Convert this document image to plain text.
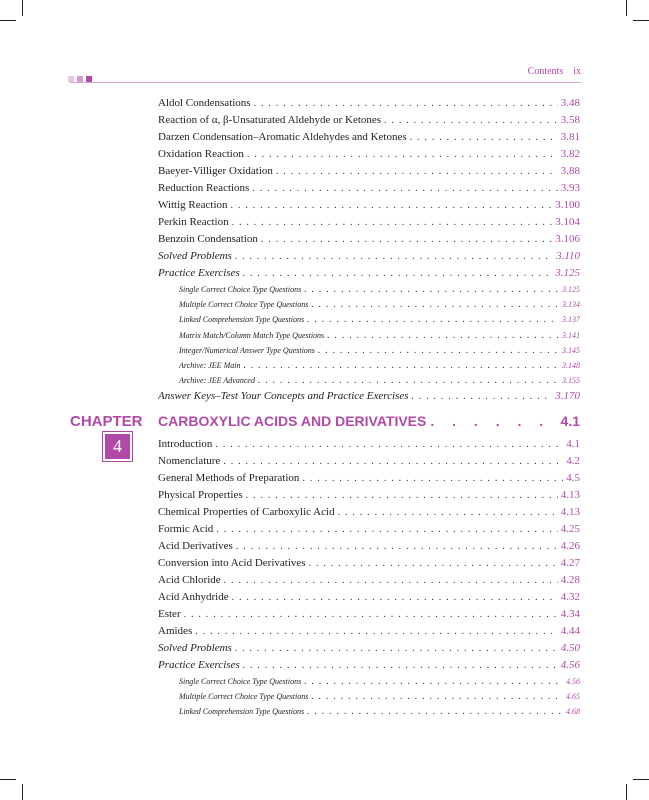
Contents ix
Aldol Condensations . . .	3.48
Reaction of α, β-Unsaturated Aldehyde or Ketones . . .	3.58
Darzen Condensation–Aromatic Aldehydes and Ketones . . .	3.81
Oxidation Reaction . . .	3.82
Baeyer-Villiger Oxidation . . .	3.88
Reduction Reactions . . .	3.93
Wittig Reaction . . .	3.100
Perkin Reaction . . .	3.104
Benzoin Condensation . . .	3.106
Solved Problems . . .	3.110
Practice Exercises . . .	3.125
Single Correct Choice Type Questions . . .	3.125
Multiple Correct Choice Type Questions . . .	3.134
Linked Comprehension Type Questions . . .	3.137
Matrix Match/Column Match Type Questions . . .	3.141
Integer/Numerical Answer Type Questions . . .	3.145
Archive: JEE Main . . .	3.148
Archive: JEE Advanced . . .	3.155
Answer Keys–Test Your Concepts and Practice Exercises . . .	3.170
CHAPTER
4
CARBOXYLIC ACIDS AND DERIVATIVES . . .	4.1
Introduction . . .	4.1
Nomenclature . . .	4.2
General Methods of Preparation . . .	4.5
Physical Properties . . .	4.13
Chemical Properties of Carboxylic Acid . . .	4.13
Formic Acid . . .	4.25
Acid Derivatives . . .	4.26
Conversion into Acid Derivatives . . .	4.27
Acid Chloride . . .	4.28
Acid Anhydride . . .	4.32
Ester . . .	4.34
Amides . . .	4.44
Solved Problems . . .	4.50
Practice Exercises . . .	4.56
Single Correct Choice Type Questions . . .	4.56
Multiple Correct Choice Type Questions . . .	4.65
Linked Comprehension Type Questions . . .	4.68
